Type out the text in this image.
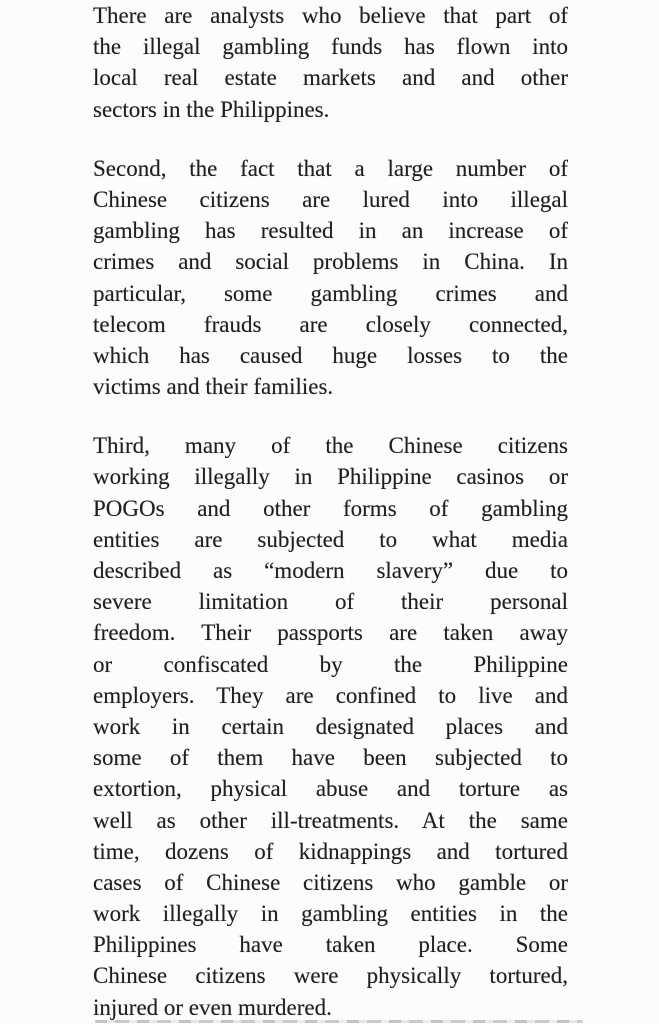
There are analysts who believe that part of
the illegal gambling funds has flown into
local real estate markets and and other
sectors in the Philippines.
Second, the fact that a large number of
Chinese citizens are lured into illegal
gambling has resulted in an increase of
crimes and social problems in China. In
particular, some gambling crimes and
telecom frauds are closely connected,
which has caused huge losses to the
victims and their families.
Third, many of the Chinese citizens
working illegally in Philippine casinos or
POGOs and other forms of gambling
entities are subjected to what media
described as “modern slavery” due to
severe limitation of their personal
freedom. Their passports are taken away
or confiscated by the Philippine
employers. They are confined to live and
work in certain designated places and
some of them have been subjected to
extortion, physical abuse and torture as
well as other ill-treatments. At the same
time, dozens of kidnappings and tortured
cases of Chinese citizens who gamble or
work illegally in gambling entities in the
Philippines have taken place. Some
Chinese citizens were physically tortured,
injured or even murdered.
